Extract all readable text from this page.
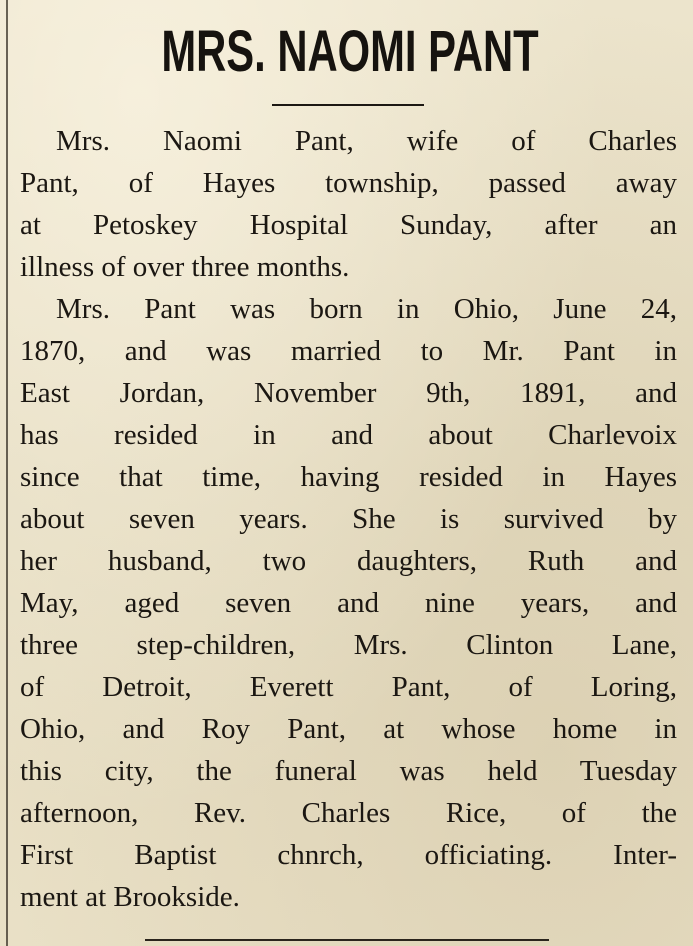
MRS. NAOMI PANT
Mrs. Naomi Pant, wife of Charles
Pant, of Hayes township, passed away
at Petoskey Hospital Sunday, after an
illness of over three months.
Mrs. Pant was born in Ohio, June 24,
1870, and was married to Mr. Pant in
East Jordan, November 9th, 1891, and
has resided in and about Charlevoix
since that time, having resided in Hayes
about seven years. She is survived by
her husband, two daughters, Ruth and
May, aged seven and nine years, and
three step-children, Mrs. Clinton Lane,
of Detroit, Everett Pant, of Loring,
Ohio, and Roy Pant, at whose home in
this city, the funeral was held Tuesday
afternoon, Rev. Charles Rice, of the
First Baptist chnrch, officiating. Inter-
ment at Brookside.
